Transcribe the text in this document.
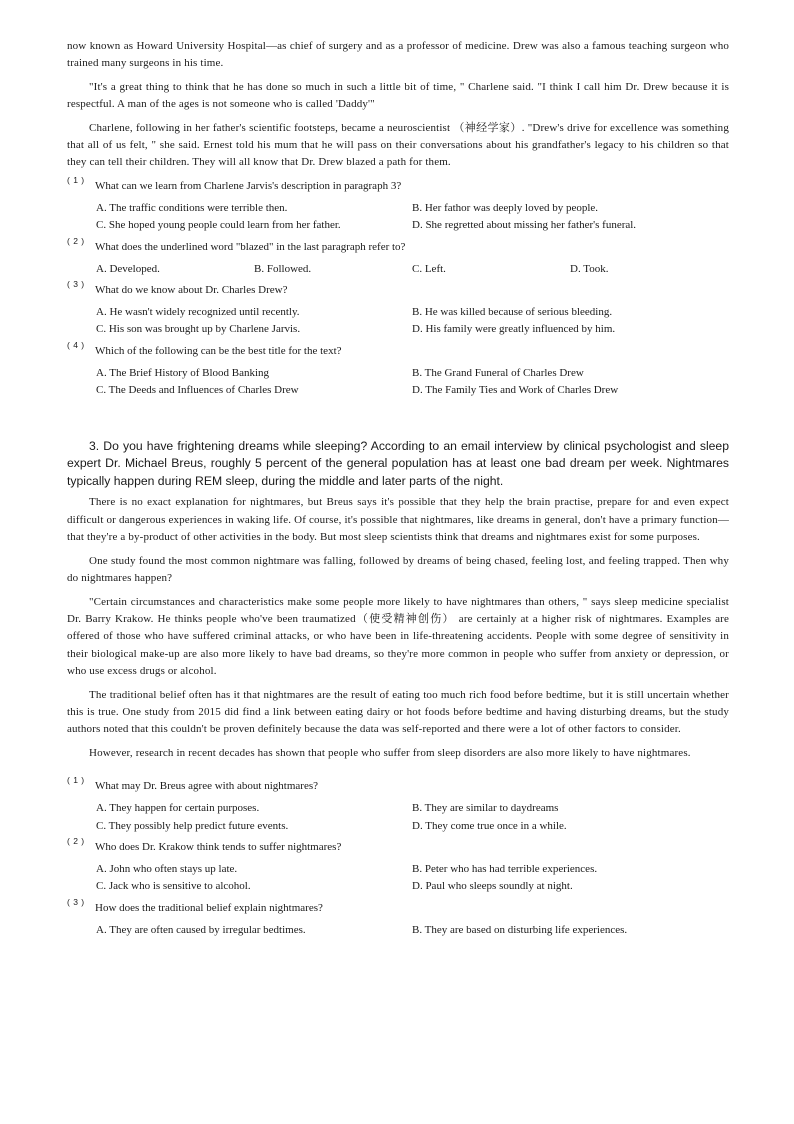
now known as Howard University Hospital—as chief of surgery and as a professor of medicine. Drew was also a famous teaching surgeon who trained many surgeons in his time.

"It's a great thing to think that he has done so much in such a little bit of time, " Charlene said. "I think I call him Dr. Drew because it is respectful. A man of the ages is not someone who is called 'Daddy'"

Charlene, following in her father's scientific footsteps, became a neuroscientist （神经学家）. "Drew's drive for excellence was something that all of us felt, " she said. Ernest told his mum that he will pass on their conversations about his grandfather's legacy to his children so that they can tell their children. They will all know that Dr. Drew blazed a path for them.

( 1 ) What can we learn from Charlene Jarvis's description in paragraph 3?
A. The traffic conditions were terrible then.	B. Her fathor was deeply loved by people.
C. She hoped young people could learn from her father.	D. She regretted about missing her father's funeral.
( 2 ) What does the underlined word "blazed" in the last paragraph refer to?
A. Developed.	B. Followed.	C. Left.	D. Took.
( 3 ) What do we know about Dr. Charles Drew?
A. He wasn't widely recognized until recently.	B. He was killed because of serious bleeding.
C. His son was brought up by Charlene Jarvis.	D. His family were greatly influenced by him.
( 4 ) Which of the following can be the best title for the text?
A. The Brief History of Blood Banking	B. The Grand Funeral of Charles Drew
C. The Deeds and Influences of Charles Drew	D. The Family Ties and Work of Charles Drew

3. Do you have frightening dreams while sleeping? According to an email interview by clinical psychologist and sleep expert Dr. Michael Breus, roughly 5 percent of the general population has at least one bad dream per week. Nightmares typically happen during REM sleep, during the middle and later parts of the night.

There is no exact explanation for nightmares, but Breus says it's possible that they help the brain practise, prepare for and even expect difficult or dangerous experiences in waking life. Of course, it's possible that nightmares, like dreams in general, don't have a primary function—that they're a by-product of other activities in the body. But most sleep scientists think that dreams and nightmares exist for some purposes.

One study found the most common nightmare was falling, followed by dreams of being chased, feeling lost, and feeling trapped. Then why do nightmares happen?

"Certain circumstances and characteristics make some people more likely to have nightmares than others, " says sleep medicine specialist Dr. Barry Krakow. He thinks people who've been traumatized（使受精神创伤） are certainly at a higher risk of nightmares. Examples are offered of those who have suffered criminal attacks, or who have been in life-threatening accidents. People with some degree of sensitivity in their biological make-up are also more likely to have bad dreams, so they're more common in people who suffer from anxiety or depression, or who use excess drugs or alcohol.

The traditional belief often has it that nightmares are the result of eating too much rich food before bedtime, but it is still uncertain whether this is true. One study from 2015 did find a link between eating dairy or hot foods before bedtime and having disturbing dreams, but the study authors noted that this couldn't be proven definitely because the data was self-reported and there were a lot of other factors to consider.

However, research in recent decades has shown that people who suffer from sleep disorders are also more likely to have nightmares.

( 1 ) What may Dr. Breus agree with about nightmares?
A. They happen for certain purposes.	B. They are similar to daydreams
C. They possibly help predict future events.	D. They come true once in a while.
( 2 ) Who does Dr. Krakow think tends to suffer nightmares?
A. John who often stays up late.	B. Peter who has had terrible experiences.
C. Jack who is sensitive to alcohol.	D. Paul who sleeps soundly at night.
( 3 ) How does the traditional belief explain nightmares?
A. They are often caused by irregular bedtimes.	B. They are based on disturbing life experiences.
